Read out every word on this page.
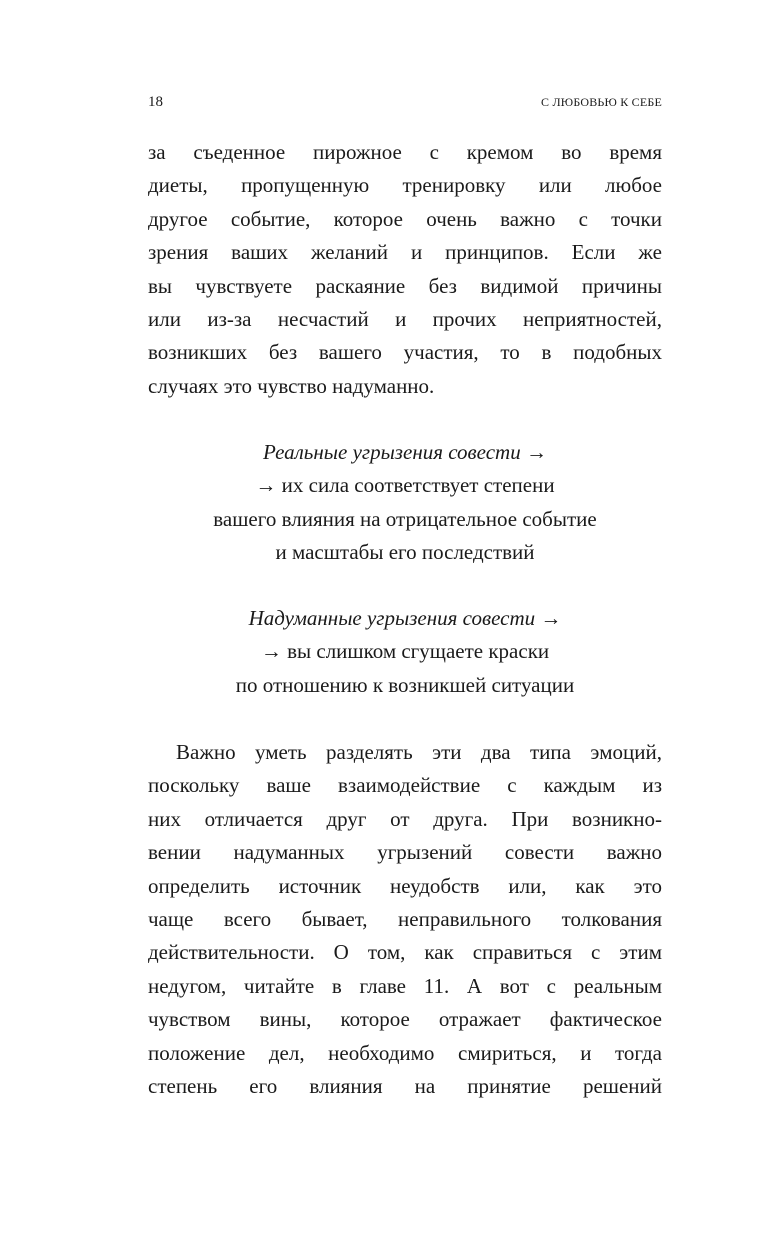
18	С ЛЮБОВЬЮ К СЕБЕ
за съеденное пирожное с кремом во время
диеты, пропущенную тренировку или любое
другое событие, которое очень важно с точки
зрения ваших желаний и принципов. Если же
вы чувствуете раскаяние без видимой причины
или из-за несчастий и прочих неприятностей,
возникших без вашего участия, то в подобных
случаях это чувство надуманно.
Реальные угрызения совести →
→ их сила соответствует степени
вашего влияния на отрицательное событие
и масштабы его последствий
Надуманные угрызения совести →
→ вы слишком сгущаете краски
по отношению к возникшей ситуации
Важно уметь разделять эти два типа эмоций,
поскольку ваше взаимодействие с каждым из
них отличается друг от друга. При возникно-
вении надуманных угрызений совести важно
определить источник неудобств или, как это
чаще всего бывает, неправильного толкования
действительности. О том, как справиться с этим
недугом, читайте в главе 11. А вот с реальным
чувством вины, которое отражает фактическое
положение дел, необходимо смириться, и тогда
степень его влияния на принятие решений
